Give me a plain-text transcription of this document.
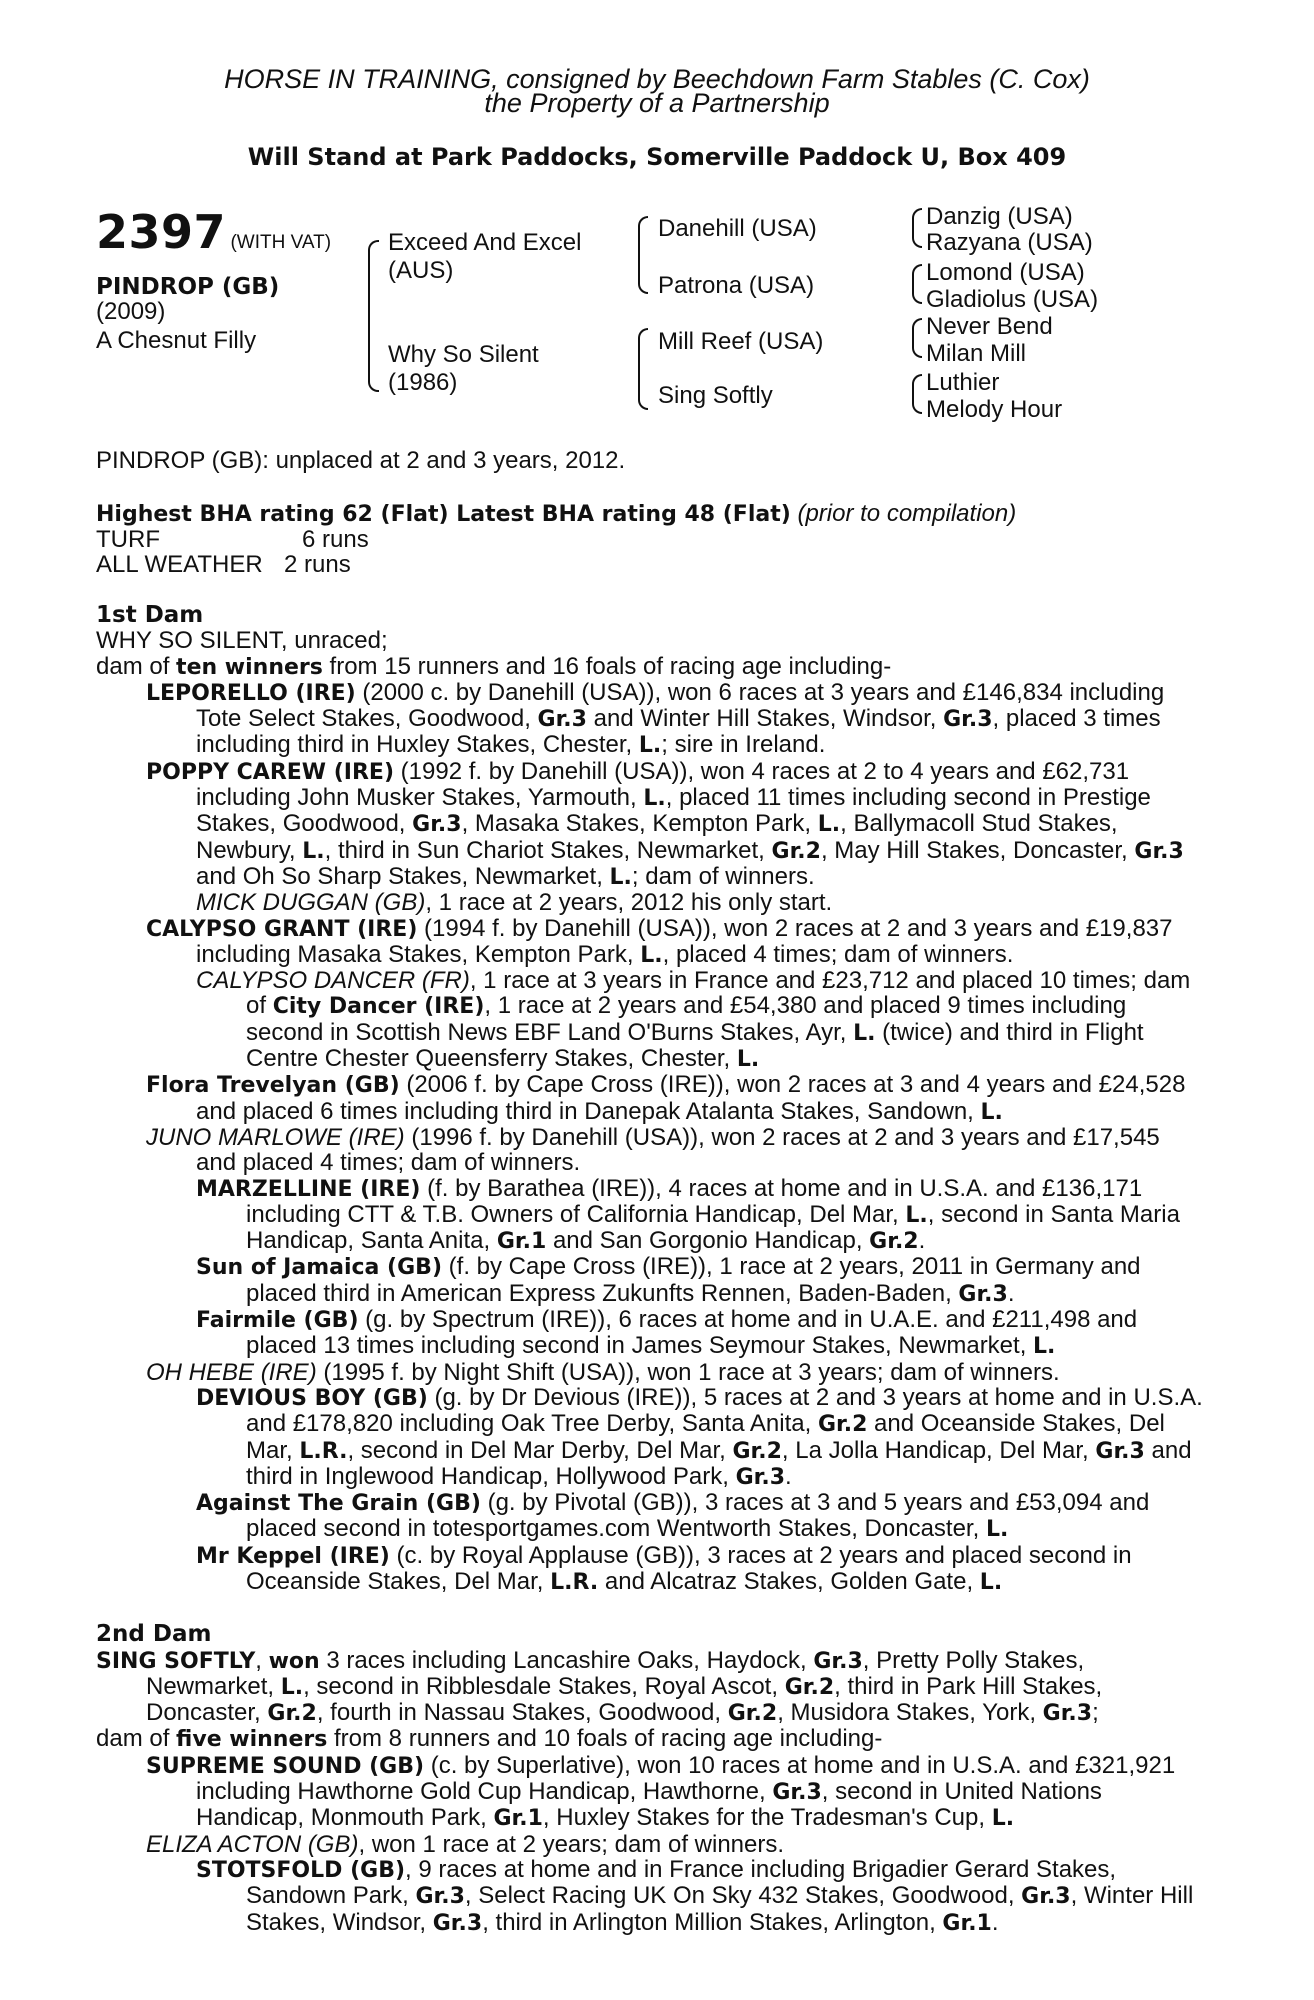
HORSE IN TRAINING, consigned by Beechdown Farm Stables (C. Cox)
the Property of a Partnership
Will Stand at Park Paddocks, Somerville Paddock U, Box 409
2397 (WITH VAT)
PINDROP (GB)
(2009)
A Chesnut Filly
Exceed And Excel
(AUS)
Why So Silent
(1986)
Danehill (USA)
Patrona (USA)
Mill Reef (USA)
Sing Softly
Danzig (USA)
Razyana (USA)
Lomond (USA)
Gladiolus (USA)
Never Bend
Milan Mill
Luthier
Melody Hour
PINDROP (GB): unplaced at 2 and 3 years, 2012.
Highest BHA rating 62 (Flat) Latest BHA rating 48 (Flat) (prior to compilation)
TURF	6 runs
ALL WEATHER 2 runs

1st Dam

WHY SO SILENT, unraced;

dam of ten winners from 15 runners and 16 foals of racing age including-

LEPORELLO (IRE) (2000 c. by Danehill (USA)), won 6 races at 3 years and £146,834 including Tote Select Stakes, Goodwood, Gr.3 and Winter Hill Stakes, Windsor, Gr.3, placed 3 times including third in Huxley Stakes, Chester, L.; sire in Ireland.

POPPY CAREW (IRE) (1992 f. by Danehill (USA)), won 4 races at 2 to 4 years and £62,731 including John Musker Stakes, Yarmouth, L., placed 11 times including second in Prestige Stakes, Goodwood, Gr.3, Masaka Stakes, Kempton Park, L., Ballymacoll Stud Stakes, Newbury, L., third in Sun Chariot Stakes, Newmarket, Gr.2, May Hill Stakes, Doncaster, Gr.3 and Oh So Sharp Stakes, Newmarket, L.; dam of winners.

MICK DUGGAN (GB), 1 race at 2 years, 2012 his only start.

CALYPSO GRANT (IRE) (1994 f. by Danehill (USA)), won 2 races at 2 and 3 years and £19,837 including Masaka Stakes, Kempton Park, L., placed 4 times; dam of winners.

CALYPSO DANCER (FR), 1 race at 3 years in France and £23,712 and placed 10 times; dam of City Dancer (IRE), 1 race at 2 years and £54,380 and placed 9 times including second in Scottish News EBF Land O'Burns Stakes, Ayr, L. (twice) and third in Flight Centre Chester Queensferry Stakes, Chester, L.

Flora Trevelyan (GB) (2006 f. by Cape Cross (IRE)), won 2 races at 3 and 4 years and £24,528 and placed 6 times including third in Danepak Atalanta Stakes, Sandown, L.

JUNO MARLOWE (IRE) (1996 f. by Danehill (USA)), won 2 races at 2 and 3 years and £17,545 and placed 4 times; dam of winners.

MARZELLINE (IRE) (f. by Barathea (IRE)), 4 races at home and in U.S.A. and £136,171 including CTT & T.B. Owners of California Handicap, Del Mar, L., second in Santa Maria Handicap, Santa Anita, Gr.1 and San Gorgonio Handicap, Gr.2.

Sun of Jamaica (GB) (f. by Cape Cross (IRE)), 1 race at 2 years, 2011 in Germany and placed third in American Express Zukunfts Rennen, Baden-Baden, Gr.3.

Fairmile (GB) (g. by Spectrum (IRE)), 6 races at home and in U.A.E. and £211,498 and placed 13 times including second in James Seymour Stakes, Newmarket, L.

OH HEBE (IRE) (1995 f. by Night Shift (USA)), won 1 race at 3 years; dam of winners.

DEVIOUS BOY (GB) (g. by Dr Devious (IRE)), 5 races at 2 and 3 years at home and in U.S.A. and £178,820 including Oak Tree Derby, Santa Anita, Gr.2 and Oceanside Stakes, Del Mar, L.R., second in Del Mar Derby, Del Mar, Gr.2, La Jolla Handicap, Del Mar, Gr.3 and third in Inglewood Handicap, Hollywood Park, Gr.3.

Against The Grain (GB) (g. by Pivotal (GB)), 3 races at 3 and 5 years and £53,094 and placed second in totesportgames.com Wentworth Stakes, Doncaster, L.

Mr Keppel (IRE) (c. by Royal Applause (GB)), 3 races at 2 years and placed second in Oceanside Stakes, Del Mar, L.R. and Alcatraz Stakes, Golden Gate, L.

2nd Dam

SING SOFTLY, won 3 races including Lancashire Oaks, Haydock, Gr.3, Pretty Polly Stakes, Newmarket, L., second in Ribblesdale Stakes, Royal Ascot, Gr.2, third in Park Hill Stakes, Doncaster, Gr.2, fourth in Nassau Stakes, Goodwood, Gr.2, Musidora Stakes, York, Gr.3;

dam of five winners from 8 runners and 10 foals of racing age including-

SUPREME SOUND (GB) (c. by Superlative), won 10 races at home and in U.S.A. and £321,921 including Hawthorne Gold Cup Handicap, Hawthorne, Gr.3, second in United Nations Handicap, Monmouth Park, Gr.1, Huxley Stakes for the Tradesman's Cup, L.

ELIZA ACTON (GB), won 1 race at 2 years; dam of winners.

STOTSFOLD (GB), 9 races at home and in France including Brigadier Gerard Stakes, Sandown Park, Gr.3, Select Racing UK On Sky 432 Stakes, Goodwood, Gr.3, Winter Hill Stakes, Windsor, Gr.3, third in Arlington Million Stakes, Arlington, Gr.1.
